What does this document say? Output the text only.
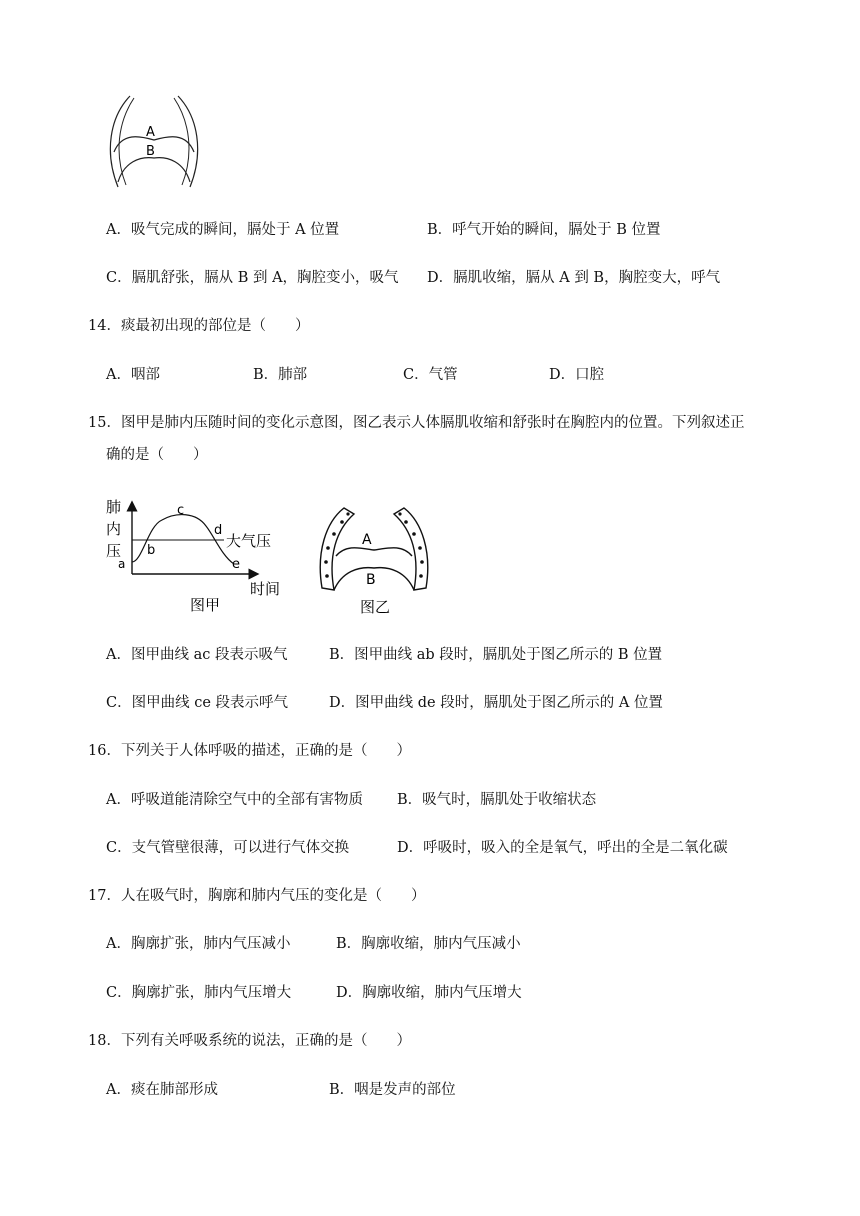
A
B
A．吸气完成的瞬间，膈处于 A 位置	B．呼气开始的瞬间，膈处于 B 位置
C．膈肌舒张，膈从 B 到 A，胸腔变小，吸气 D．膈肌收缩，膈从 A 到 B，胸腔变大，呼气
14．痰最初出现的部位是（　　）
A．咽部	B．肺部	C．气管	D．口腔
15．图甲是肺内压随时间的变化示意图，图乙表示人体膈肌收缩和舒张时在胸腔内的位置。下列叙述正
确的是（　　）
肺
内
压
a
b
c
d
e
大气压
时间
图甲
A
B
图乙
A．图甲曲线 ac 段表示吸气	B．图甲曲线 ab 段时，膈肌处于图乙所示的 B 位置
C．图甲曲线 ce 段表示呼气	D．图甲曲线 de 段时，膈肌处于图乙所示的 A 位置
16．下列关于人体呼吸的描述，正确的是（　　）
A．呼吸道能清除空气中的全部有害物质 B．吸气时，膈肌处于收缩状态
C．支气管壁很薄，可以进行气体交换	D．呼吸时，吸入的全是氧气，呼出的全是二氧化碳
17．人在吸气时，胸廓和肺内气压的变化是（　　）
A．胸廓扩张，肺内气压减小	B．胸廓收缩，肺内气压减小
C．胸廓扩张，肺内气压增大	D．胸廓收缩，肺内气压增大
18．下列有关呼吸系统的说法，正确的是（　　）
A．痰在肺部形成	B．咽是发声的部位
